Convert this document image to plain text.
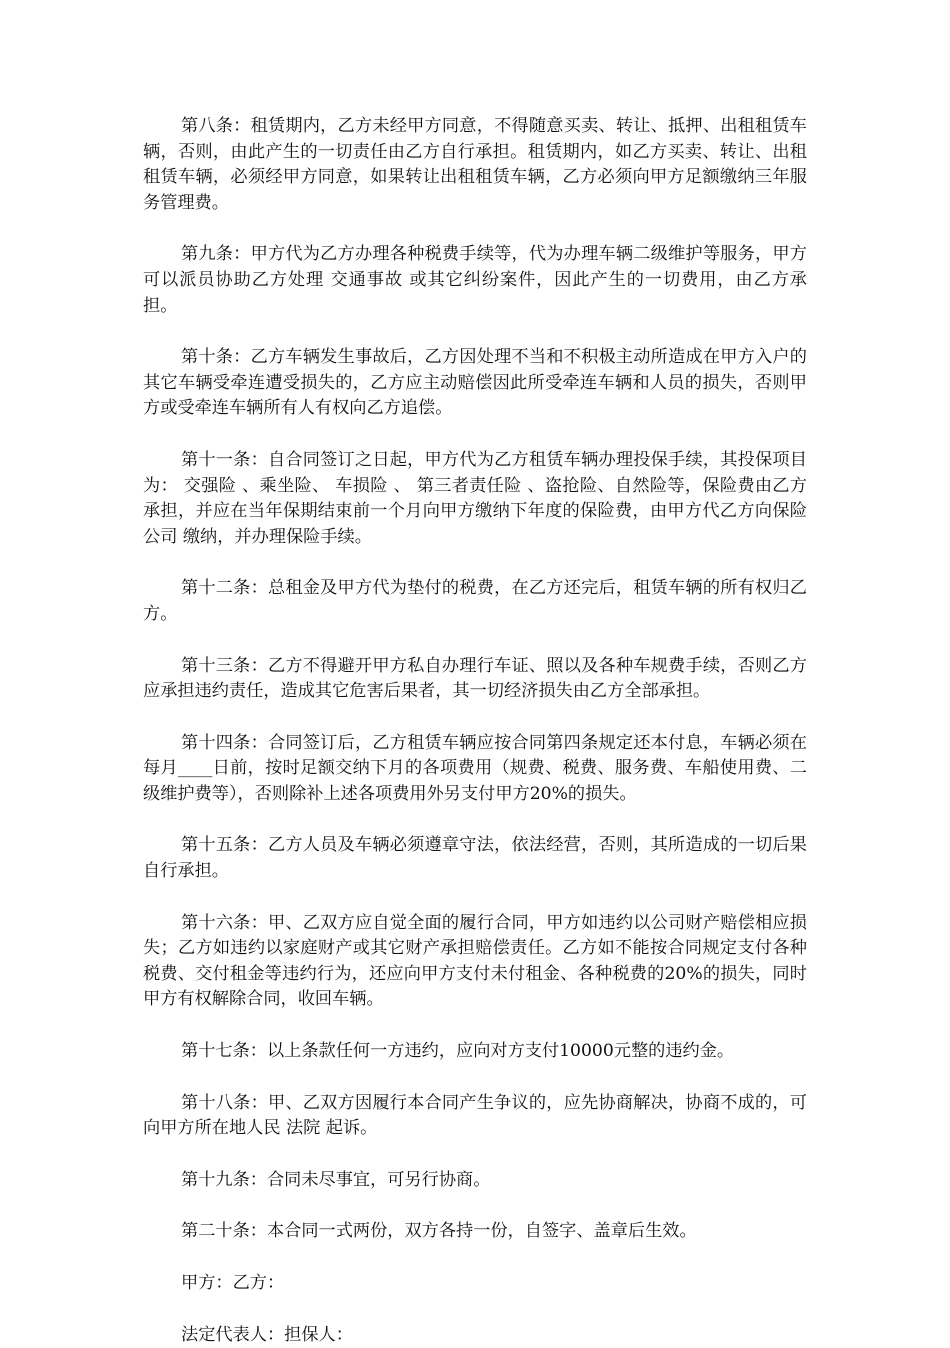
第八条：租赁期内，乙方未经甲方同意，不得随意买卖、转让、抵押、出租租赁车辆，否则，由此产生的一切责任由乙方自行承担。租赁期内，如乙方买卖、转让、出租租赁车辆，必须经甲方同意，如果转让出租租赁车辆，乙方必须向甲方足额缴纳三年服务管理费。

第九条：甲方代为乙方办理各种税费手续等，代为办理车辆二级维护等服务，甲方可以派员协助乙方处理 交通事故 或其它纠纷案件，因此产生的一切费用，由乙方承担。

第十条：乙方车辆发生事故后，乙方因处理不当和不积极主动所造成在甲方入户的其它车辆受牵连遭受损失的，乙方应主动赔偿因此所受牵连车辆和人员的损失，否则甲方或受牵连车辆所有人有权向乙方追偿。

第十一条：自合同签订之日起，甲方代为乙方租赁车辆办理投保手续，其投保项目为： 交强险 、乘坐险、 车损险 、 第三者责任险 、盗抢险、自然险等，保险费由乙方承担，并应在当年保期结束前一个月向甲方缴纳下年度的保险费，由甲方代乙方向保险 公司 缴纳，并办理保险手续。

第十二条：总租金及甲方代为垫付的税费，在乙方还完后，租赁车辆的所有权归乙方。

第十三条：乙方不得避开甲方私自办理行车证、照以及各种车规费手续，否则乙方应承担违约责任，造成其它危害后果者，其一切经济损失由乙方全部承担。

第十四条：合同签订后，乙方租赁车辆应按合同第四条规定还本付息，车辆必须在每月____日前，按时足额交纳下月的各项费用（规费、税费、服务费、车船使用费、二级维护费等），否则除补上述各项费用外另支付甲方20%的损失。

第十五条：乙方人员及车辆必须遵章守法，依法经营，否则，其所造成的一切后果自行承担。

第十六条：甲、乙双方应自觉全面的履行合同，甲方如违约以公司财产赔偿相应损失；乙方如违约以家庭财产或其它财产承担赔偿责任。乙方如不能按合同规定支付各种税费、交付租金等违约行为，还应向甲方支付未付租金、各种税费的20%的损失，同时甲方有权解除合同，收回车辆。

第十七条：以上条款任何一方违约，应向对方支付10000元整的违约金。

第十八条：甲、乙双方因履行本合同产生争议的，应先协商解决，协商不成的，可向甲方所在地人民 法院 起诉。

第十九条：合同未尽事宜，可另行协商。

第二十条：本合同一式两份，双方各持一份，自签字、盖章后生效。

甲方：乙方：

法定代表人：担保人：
